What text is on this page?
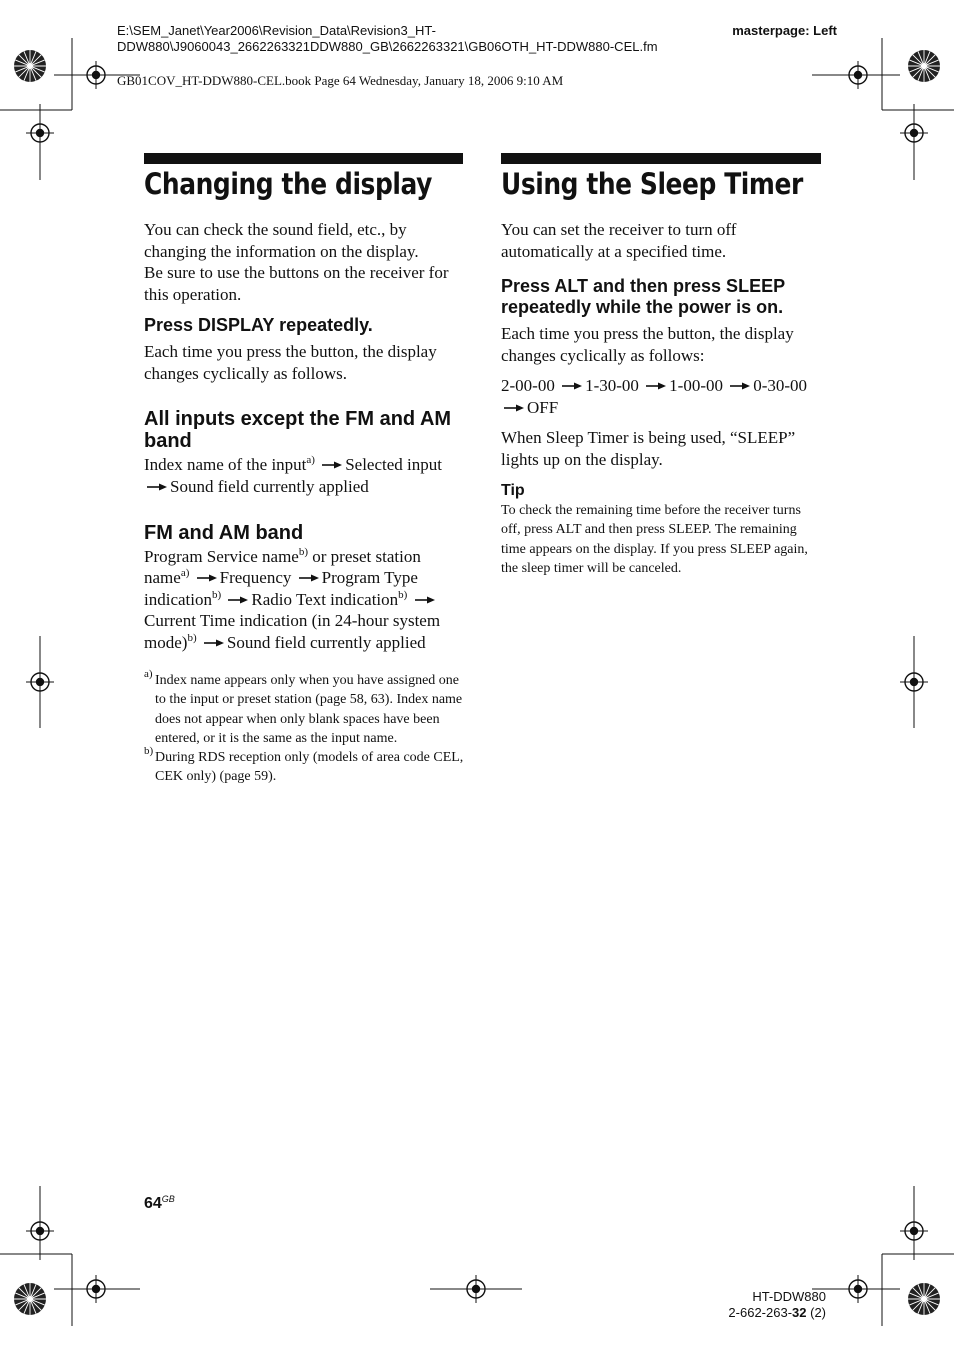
E:\SEM_Janet\Year2006\Revision_Data\Revision3_HT-
DDW880\J9060043_2662263321DDW880_GB\2662263321\GB06OTH_HT-DDW880-CEL.fm
masterpage: Left
GB01COV_HT-DDW880-CEL.book Page 64 Wednesday, January 18, 2006 9:10 AM
Changing the display
You can check the sound field, etc., by changing the information on the display.
Be sure to use the buttons on the receiver for this operation.
Press DISPLAY repeatedly.
Each time you press the button, the display changes cyclically as follows.
All inputs except the FM and AM band
Index name of the input$^{a)}$ Selected input Sound field currently applied
FM and AM band
Program Service name$^{b)}$ or preset station name$^{a)}$ Frequency Program Type indication$^{b)}$ Radio Text indication$^{b)}$ Current Time indication (in 24-hour system mode)$^{b)}$ Sound field currently applied
a) Index name appears only when you have assigned one to the input or preset station (page 58, 63). Index name does not appear when only blank spaces have been entered, or it is the same as the input name.
b) During RDS reception only (models of area code CEL, CEK only) (page 59).
Using the Sleep Timer
You can set the receiver to turn off automatically at a specified time.
Press ALT and then press SLEEP repeatedly while the power is on.
Each time you press the button, the display changes cyclically as follows:
2-00-00 1-30-00 1-00-00 0-30-00 OFF
When Sleep Timer is being used, “SLEEP” lights up on the display.
Tip
To check the remaining time before the receiver turns off, press ALT and then press SLEEP. The remaining time appears on the display. If you press SLEEP again, the sleep timer will be canceled.
$64^{GB}$
HT-DDW880
2-662-263-32 (2)
